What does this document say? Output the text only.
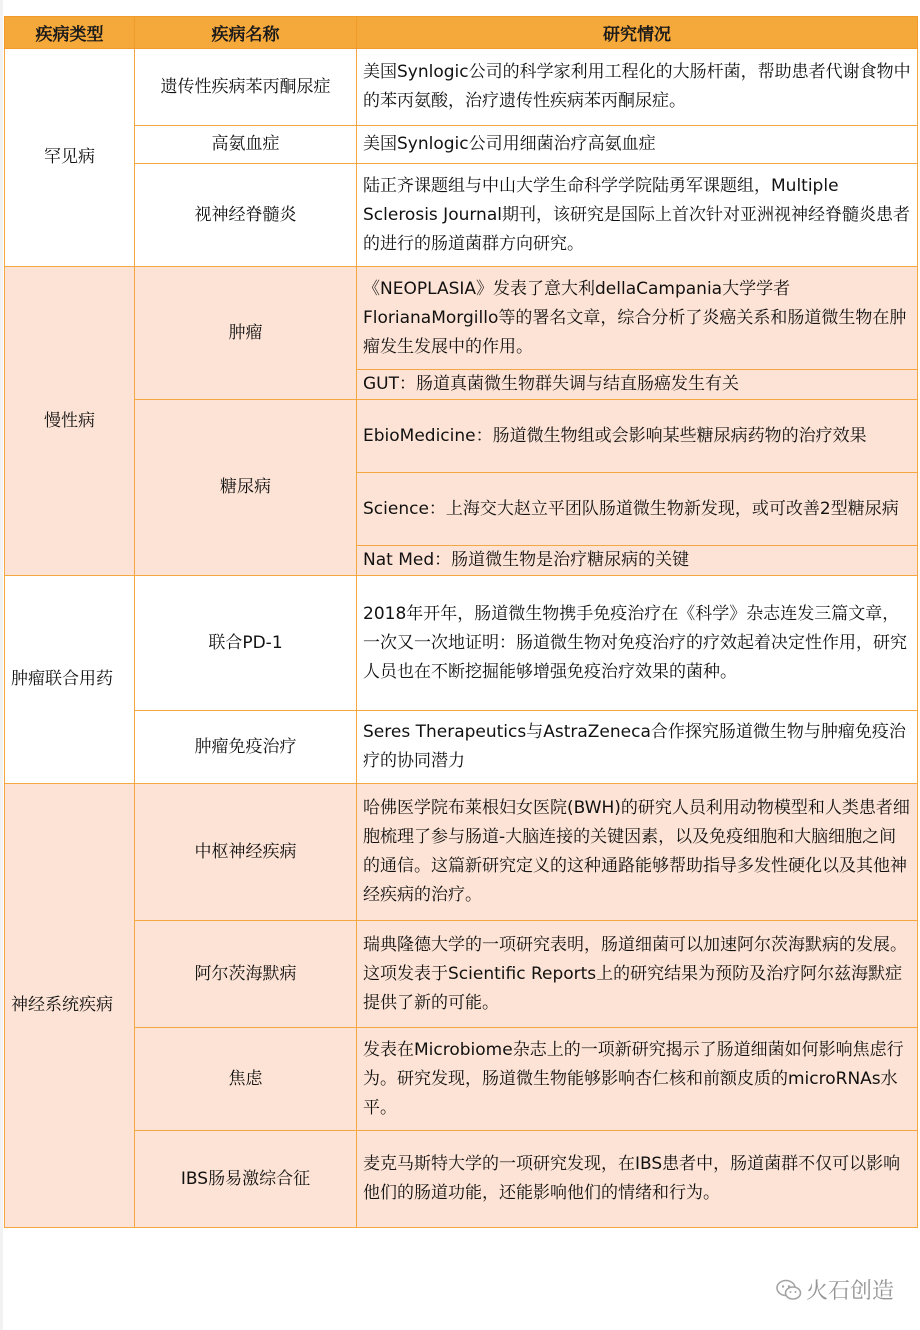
疾病类型	疾病名称	研究情况
罕见病	遗传性疾病苯丙酮尿症	美国Synlogic公司的科学家利用工程化的大肠杆菌，帮助患者代谢食物中的苯丙氨酸，治疗遗传性疾病苯丙酮尿症。
	高氨血症	美国Synlogic公司用细菌治疗高氨血症
	视神经脊髓炎	陆正齐课题组与中山大学生命科学学院陆勇军课题组，Multiple Sclerosis Journal期刊，该研究是国际上首次针对亚洲视神经脊髓炎患者的进行的肠道菌群方向研究。
慢性病	肿瘤	《NEOPLASIA》发表了意大利dellaCampania大学学者FlorianaMorgillo等的署名文章，综合分析了炎癌关系和肠道微生物在肿瘤发生发展中的作用。
		GUT：肠道真菌微生物群失调与结直肠癌发生有关
	糖尿病	EbioMedicine：肠道微生物组或会影响某些糖尿病药物的治疗效果
		Science：上海交大赵立平团队肠道微生物新发现，或可改善2型糖尿病
		Nat Med：肠道微生物是治疗糖尿病的关键
肿瘤联合用药	联合PD-1	2018年开年，肠道微生物携手免疫治疗在《科学》杂志连发三篇文章，一次又一次地证明：肠道微生物对免疫治疗的疗效起着决定性作用，研究人员也在不断挖掘能够增强免疫治疗效果的菌种。
	肿瘤免疫治疗	Seres Therapeutics与AstraZeneca合作探究肠道微生物与肿瘤免疫治疗的协同潜力
神经系统疾病	中枢神经疾病	哈佛医学院布莱根妇女医院(BWH)的研究人员利用动物模型和人类患者细胞梳理了参与肠道-大脑连接的关键因素，以及免疫细胞和大脑细胞之间的通信。这篇新研究定义的这种通路能够帮助指导多发性硬化以及其他神经疾病的治疗。
	阿尔茨海默病	瑞典隆德大学的一项研究表明，肠道细菌可以加速阿尔茨海默病的发展。这项发表于Scientific Reports上的研究结果为预防及治疗阿尔兹海默症提供了新的可能。
	焦虑	发表在Microbiome杂志上的一项新研究揭示了肠道细菌如何影响焦虑行为。研究发现，肠道微生物能够影响杏仁核和前额皮质的microRNAs水平。
	IBS肠易激综合征	麦克马斯特大学的一项研究发现，在IBS患者中，肠道菌群不仅可以影响他们的肠道功能，还能影响他们的情绪和行为。
火石创造
